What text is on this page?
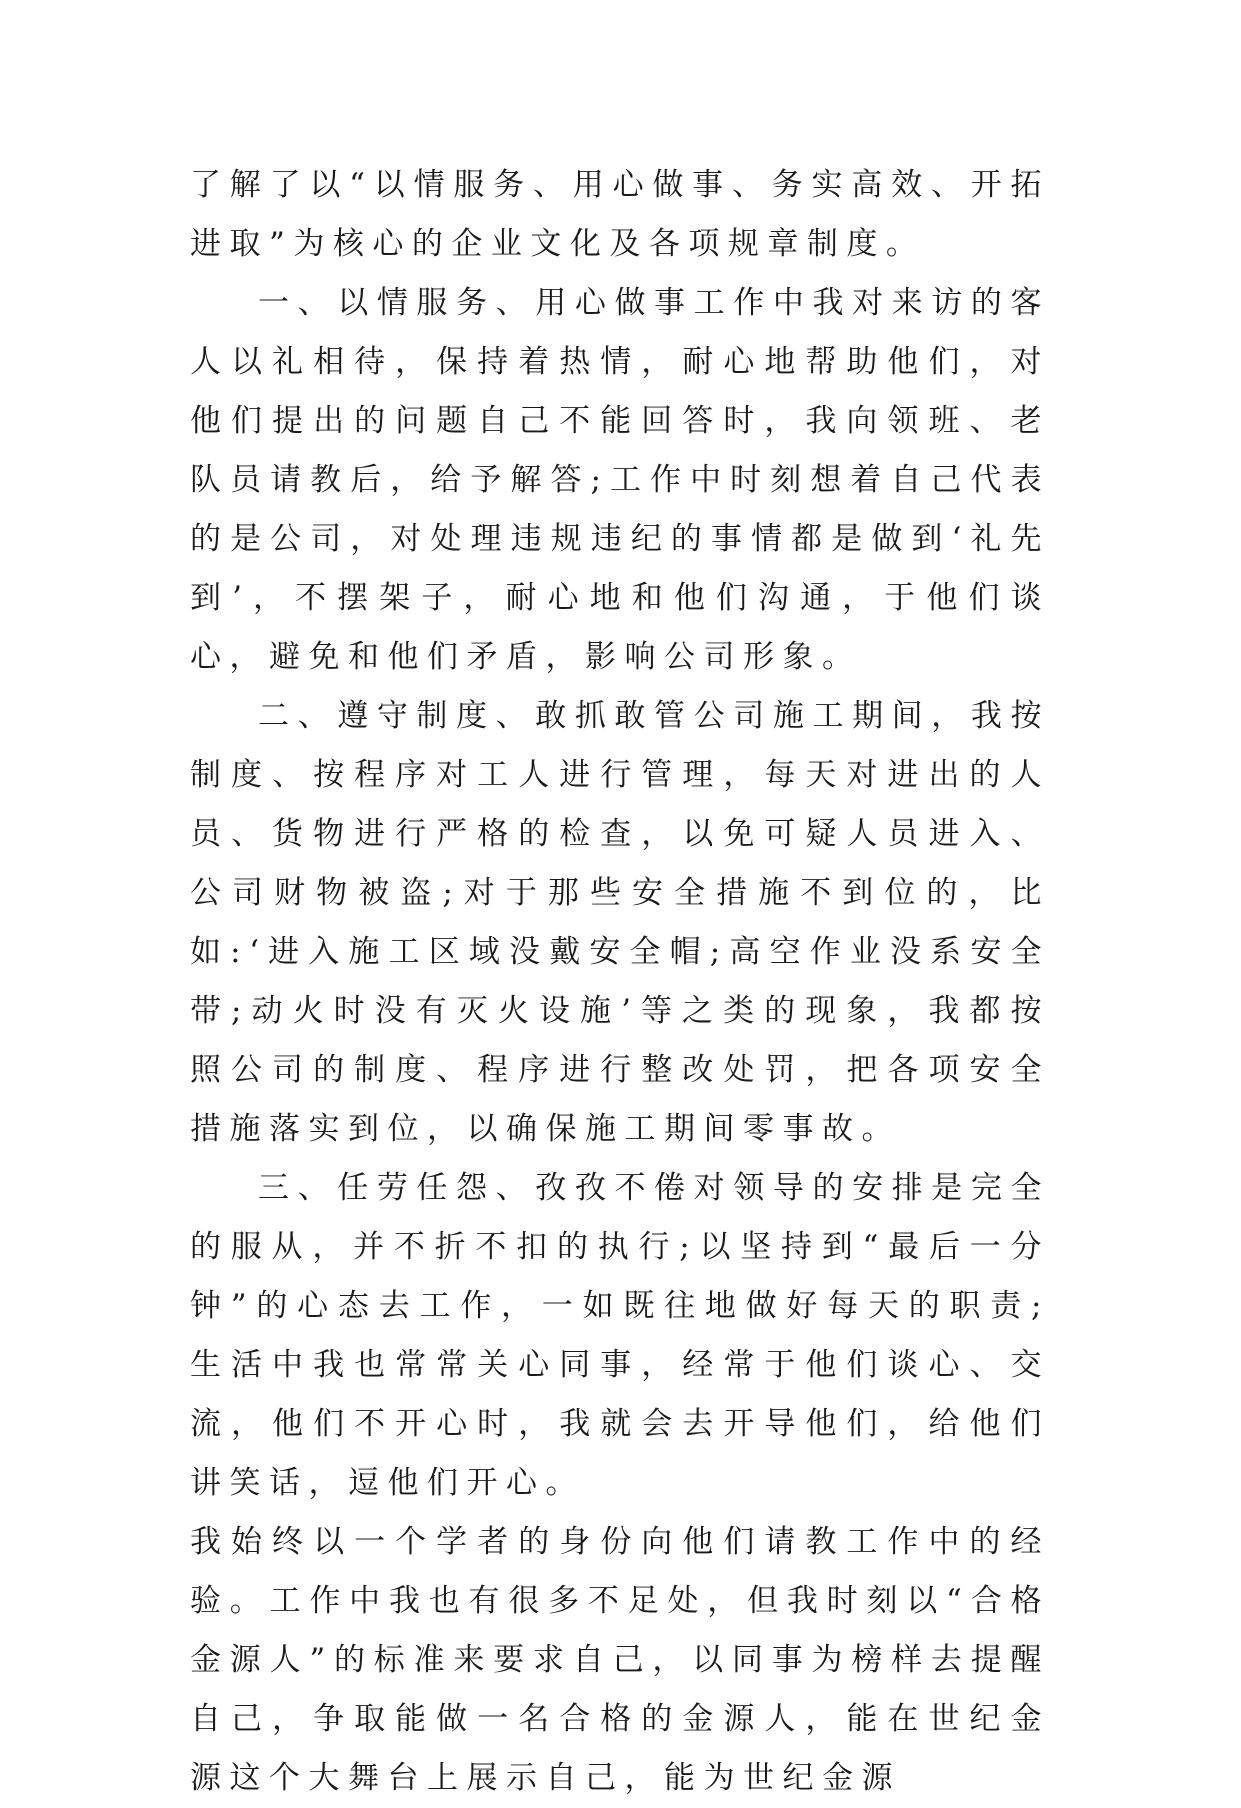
了解了以“以情服务、用心做事、务实高效、开拓进取”为核心的企业文化及各项规章制度。

一、以情服务、用心做事工作中我对来访的客人以礼相待，保持着热情，耐心地帮助他们，对他们提出的问题自己不能回答时，我向领班、老队员请教后，给予解答;工作中时刻想着自己代表的是公司，对处理违规违纪的事情都是做到‘礼先到’，不摆架子，耐心地和他们沟通，于他们谈心，避免和他们矛盾，影响公司形象。

二、遵守制度、敢抓敢管公司施工期间，我按制度、按程序对工人进行管理，每天对进出的人员、货物进行严格的检查，以免可疑人员进入、公司财物被盗;对于那些安全措施不到位的，比如:‘进入施工区域没戴安全帽;高空作业没系安全带;动火时没有灭火设施’等之类的现象，我都按照公司的制度、程序进行整改处罚，把各项安全措施落实到位，以确保施工期间零事故。

三、任劳任怨、孜孜不倦对领导的安排是完全的服从，并不折不扣的执行;以坚持到“最后一分钟”的心态去工作，一如既往地做好每天的职责;生活中我也常常关心同事，经常于他们谈心、交流，他们不开心时，我就会去开导他们，给他们讲笑话，逗他们开心。

我始终以一个学者的身份向他们请教工作中的经验。工作中我也有很多不足处，但我时刻以“合格金源人”的标准来要求自己，以同事为榜样去提醒自己，争取能做一名合格的金源人，能在世纪金源这个大舞台上展示自己，能为世纪金源
